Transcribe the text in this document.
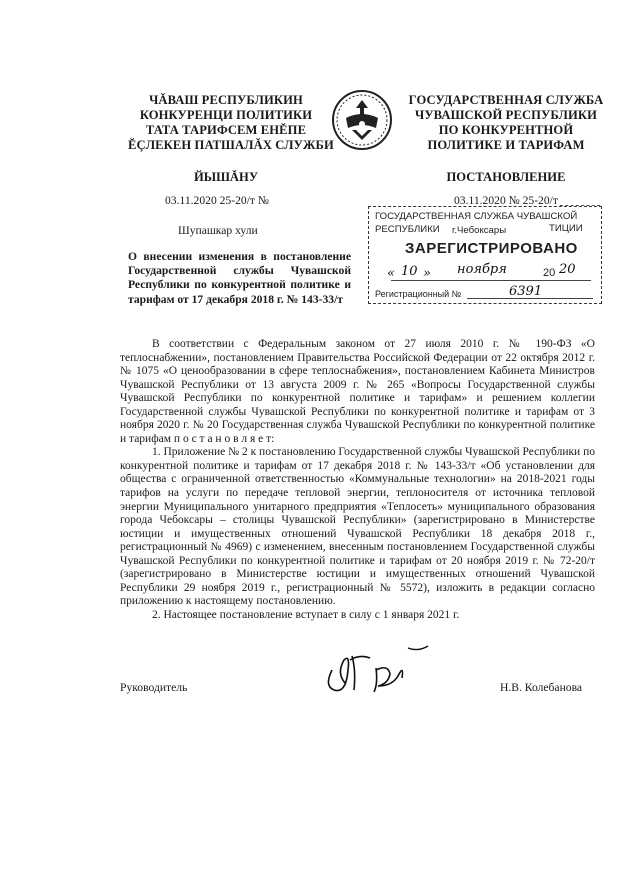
ЧĂВАШ РЕСПУБЛИКИН
КОНКУРЕНЦИ ПОЛИТИКИ
ТАТА ТАРИФСЕМ ЕНĔПЕ
ĔÇЛЕКЕН ПАТШАЛĂХ СЛУЖБИ
ГОСУДАРСТВЕННАЯ СЛУЖБА
ЧУВАШСКОЙ РЕСПУБЛИКИ
ПО КОНКУРЕНТНОЙ
ПОЛИТИКЕ И ТАРИФАМ
ЙЫШĂНУ	ПОСТАНОВЛЕНИЕ
03.11.2020 25-20/т №	03.11.2020 № 25-20/т
Шупашкар хули
ГОСУДАРСТВЕННАЯ СЛУЖБА ЧУВАШСКОЙ
РЕСПУБЛИКИ г.Чебоксары	ТИЦИИ
ЗАРЕГИСТРИРОВАНО
« 10 » ноября	20 20
Регистрационный №	6391
О внесении изменения в постановление Государственной службы Чувашской Республики по конкурентной политике и тарифам от 17 декабря 2018 г. № 143-33/т

В соответствии с Федеральным законом от 27 июля 2010 г. № 190-ФЗ «О теплоснабжении», постановлением Правительства Российской Федерации от 22 октября 2012 г. № 1075 «О ценообразовании в сфере теплоснабжения», постановлением Кабинета Министров Чувашской Республики от 13 августа 2009 г. № 265 «Вопросы Государственной службы Чувашской Республики по конкурентной политике и тарифам» и решением коллегии Государственной службы Чувашской Республики по конкурентной политике и тарифам от 3 ноября 2020 г. № 20 Государственная служба Чувашской Республики по конкурентной политике и тарифам п о с т а н о в л я е т:

1. Приложение № 2 к постановлению Государственной службы Чувашской Республики по конкурентной политике и тарифам от 17 декабря 2018 г. № 143-33/т «Об установлении для общества с ограниченной ответственностью «Коммунальные технологии» на 2018-2021 годы тарифов на услуги по передаче тепловой энергии, теплоносителя от источника тепловой энергии Муниципального унитарного предприятия «Теплосеть» муниципального образования города Чебоксары – столицы Чувашской Республики» (зарегистрировано в Министерстве юстиции и имущественных отношений Чувашской Республики 18 декабря 2018 г., регистрационный № 4969) с изменением, внесенным постановлением Государственной службы Чувашской Республики по конкурентной политике и тарифам от 20 ноября 2019 г. № 72-20/т (зарегистрировано в Министерстве юстиции и имущественных отношений Чувашской Республики 29 ноября 2019 г., регистрационный № 5572), изложить в редакции согласно приложению к настоящему постановлению.

2. Настоящее постановление вступает в силу с 1 января 2021 г.

Руководитель	Н.В. Колебанова
